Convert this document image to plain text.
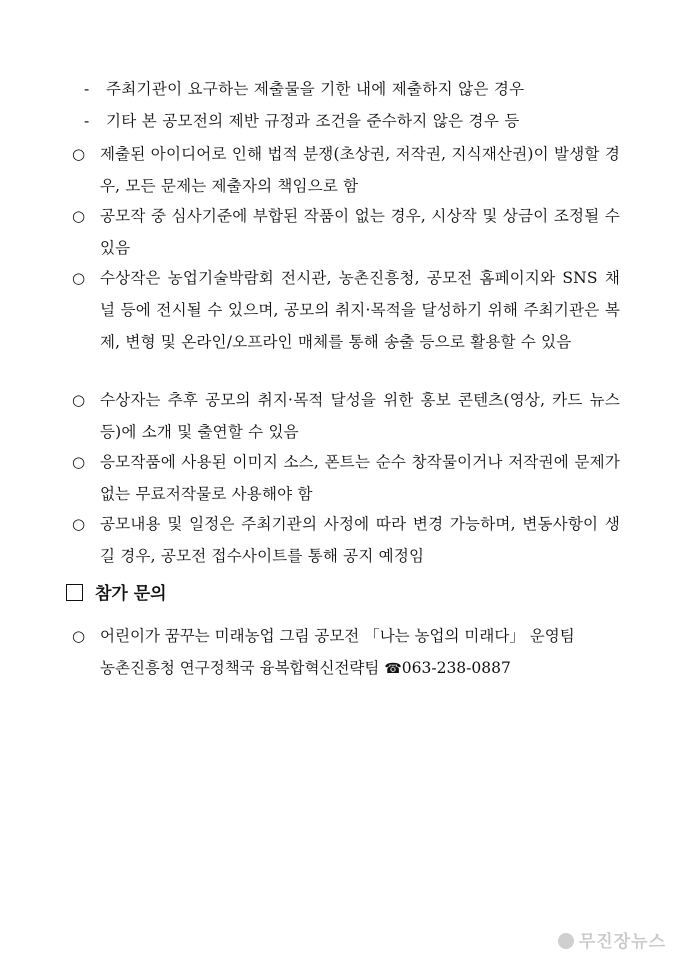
- 주최기관이 요구하는 제출물을 기한 내에 제출하지 않은 경우
- 기타 본 공모전의 제반 규정과 조건을 준수하지 않은 경우 등
○ 제출된 아이디어로 인해 법적 분쟁(초상권, 저작권, 지식재산권)이 발생할 경우, 모든 문제는 제출자의 책임으로 함
○ 공모작 중 심사기준에 부합된 작품이 없는 경우, 시상작 및 상금이 조정될 수 있음
○ 수상작은 농업기술박람회 전시관, 농촌진흥청, 공모전 홈페이지와 SNS 채널 등에 전시될 수 있으며, 공모의 취지·목적을 달성하기 위해 주최기관은 복제, 변형 및 온라인/오프라인 매체를 통해 송출 등으로 활용할 수 있음
○ 수상자는 추후 공모의 취지·목적 달성을 위한 홍보 콘텐츠(영상, 카드 뉴스 등)에 소개 및 출연할 수 있음
○ 응모작품에 사용된 이미지 소스, 폰트는 순수 창작물이거나 저작권에 문제가 없는 무료저작물로 사용해야 함
○ 공모내용 및 일정은 주최기관의 사정에 따라 변경 가능하며, 변동사항이 생길 경우, 공모전 접수사이트를 통해 공지 예정임
참가 문의
○ 어린이가 꿈꾸는 미래농업 그림 공모전 「나는 농업의 미래다」 운영팀
농촌진흥청 연구정책국 융복합혁신전략팀 ☎063-238-0887
무진장뉴스
